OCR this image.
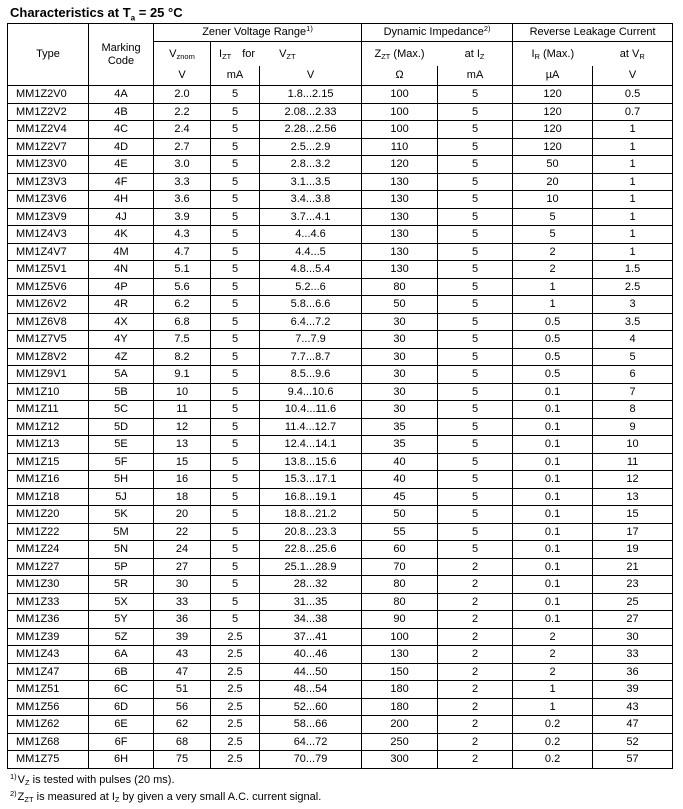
Characteristics at $T_a = 25$ °C
Type	Marking Code	Zener Voltage Range$^{1)}$			Dynamic Impedance$^{2)}$		Reverse Leakage Current	
		$V_{znom}$	$I_{ZT}$ for $V_{ZT}$		$Z_{ZT}$ (Max.) at $I_Z$		$I_R$ (Max.) at $V_R$

		V	mA	V	Ω	mA	µA	V
MM1Z2V0	4A	2.0	5	1.8...2.15	100	5	120	0.5
MM1Z2V2	4B	2.2	5	2.08...2.33	100	5	120	0.7
MM1Z2V4	4C	2.4	5	2.28...2.56	100	5	120	1
MM1Z2V7	4D	2.7	5	2.5...2.9	110	5	120	1
MM1Z3V0	4E	3.0	5	2.8...3.2	120	5	50	1
MM1Z3V3	4F	3.3	5	3.1...3.5	130	5	20	1
MM1Z3V6	4H	3.6	5	3.4...3.8	130	5	10	1
MM1Z3V9	4J	3.9	5	3.7...4.1	130	5	5	1
MM1Z4V3	4K	4.3	5	4...4.6	130	5	5	1
MM1Z4V7	4M	4.7	5	4.4...5	130	5	2	1
MM1Z5V1	4N	5.1	5	4.8...5.4	130	5	2	1.5
MM1Z5V6	4P	5.6	5	5.2...6	80	5	1	2.5
MM1Z6V2	4R	6.2	5	5.8...6.6	50	5	1	3
MM1Z6V8	4X	6.8	5	6.4...7.2	30	5	0.5	3.5
MM1Z7V5	4Y	7.5	5	7...7.9	30	5	0.5	4
MM1Z8V2	4Z	8.2	5	7.7...8.7	30	5	0.5	5
MM1Z9V1	5A	9.1	5	8.5...9.6	30	5	0.5	6
MM1Z10	5B	10	5	9.4...10.6	30	5	0.1	7
MM1Z11	5C	11	5	10.4...11.6	30	5	0.1	8
MM1Z12	5D	12	5	11.4...12.7	35	5	0.1	9
MM1Z13	5E	13	5	12.4...14.1	35	5	0.1	10
MM1Z15	5F	15	5	13.8...15.6	40	5	0.1	11
MM1Z16	5H	16	5	15.3...17.1	40	5	0.1	12
MM1Z18	5J	18	5	16.8...19.1	45	5	0.1	13
MM1Z20	5K	20	5	18.8...21.2	50	5	0.1	15
MM1Z22	5M	22	5	20.8...23.3	55	5	0.1	17
MM1Z24	5N	24	5	22.8...25.6	60	5	0.1	19
MM1Z27	5P	27	5	25.1...28.9	70	2	0.1	21
MM1Z30	5R	30	5	28...32	80	2	0.1	23
MM1Z33	5X	33	5	31...35	80	2	0.1	25
MM1Z36	5Y	36	5	34...38	90	2	0.1	27
MM1Z39	5Z	39	2.5	37...41	100	2	2	30
MM1Z43	6A	43	2.5	40...46	130	2	2	33
MM1Z47	6B	47	2.5	44...50	150	2	2	36
MM1Z51	6C	51	2.5	48...54	180	2	1	39
MM1Z56	6D	56	2.5	52...60	180	2	1	43
MM1Z62	6E	62	2.5	58...66	200	2	0.2	47
MM1Z68	6F	68	2.5	64...72	250	2	0.2	52
MM1Z75	6H	75	2.5	70...79	300	2	0.2	57
$^{1)}V_Z$ is tested with pulses (20 ms).
$^{2)}Z_{ZT}$ is measured at $I_Z$ by given a very small A.C. current signal.
